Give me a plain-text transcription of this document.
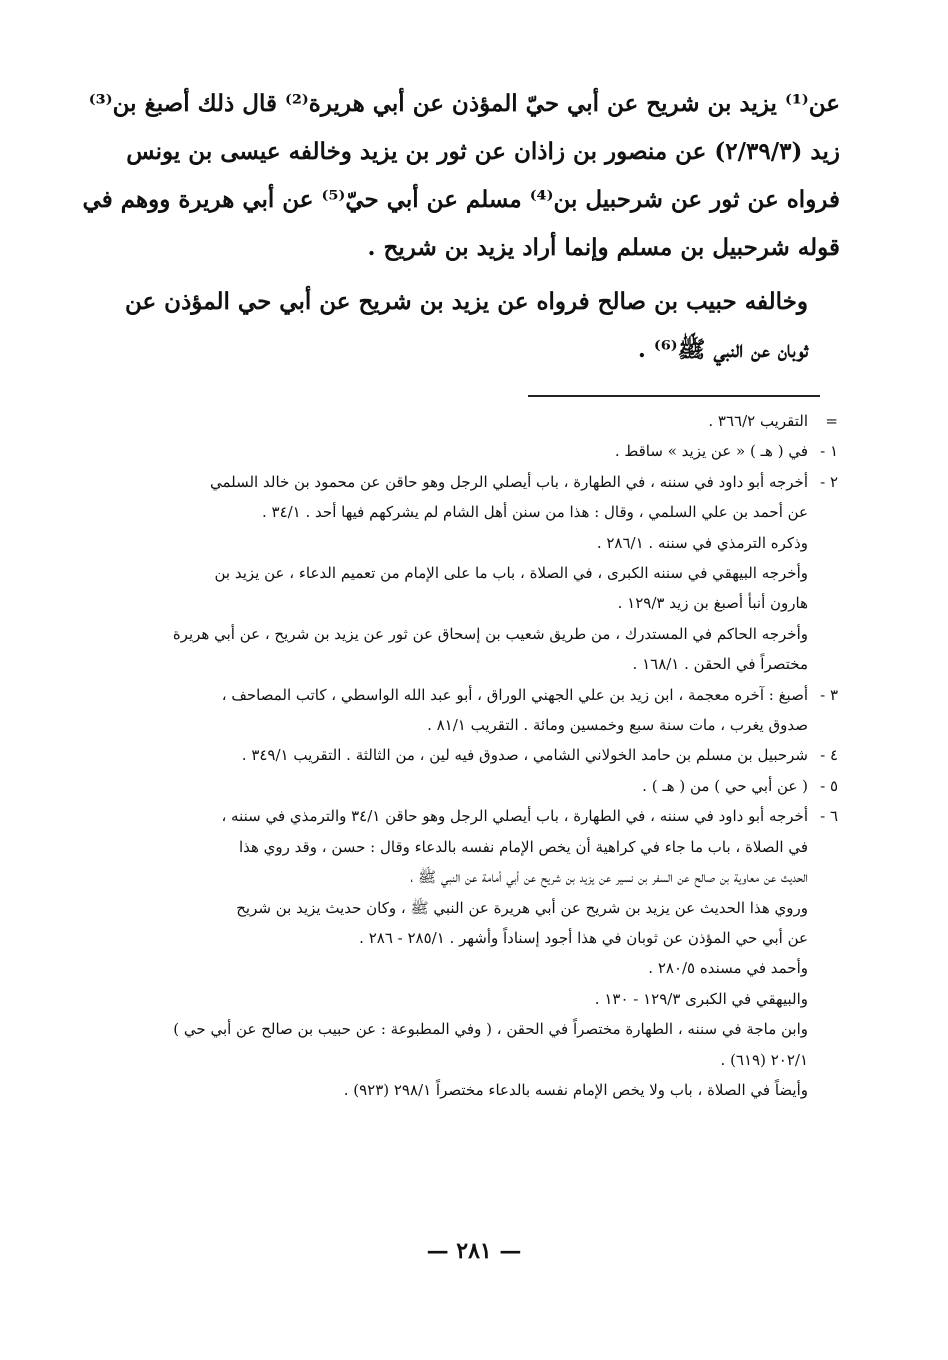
عن⁽¹⁾ يزيد بن شريح عن أبي حيّ المؤذن عن أبي هريرة⁽²⁾ قال ذلك أصبغ بن⁽³⁾
زيد (٢/٣٩/٣) عن منصور بن زاذان عن ثور بن يزيد وخالفه عيسى بن يونس
فرواه عن ثور عن شرحبيل بن⁽⁴⁾ مسلم عن أبي حيّ⁽⁵⁾ عن أبي هريرة ووهم في
قوله شرحبيل بن مسلم وإنما أراد يزيد بن شريح .

وخالفه حبيب بن صالح فرواه عن يزيد بن شريح عن أبي حي المؤذن عن
ثوبان عن النبي ﷺ⁽⁶⁾ .

=
التقريب ٣٦٦/٢ .
١ -
في ( هـ ) « عن يزيد » ساقط .
٢ -
أخرجه أبو داود في سننه ، في الطهارة ، باب أيصلي الرجل وهو حاقن عن محمود بن خالد السلمي
عن أحمد بن علي السلمي ، وقال : هذا من سنن أهل الشام لم يشركهم فيها أحد . ٣٤/١ .
وذكره الترمذي في سننه . ٢٨٦/١ .
وأخرجه البيهقي في سننه الكبرى ، في الصلاة ، باب ما على الإمام من تعميم الدعاء ، عن يزيد بن
هارون أنبأ أصبغ بن زيد ١٢٩/٣ .
وأخرجه الحاكم في المستدرك ، من طريق شعيب بن إسحاق عن ثور عن يزيد بن شريح ، عن أبي هريرة
مختصراً في الحقن . ١٦٨/١ .
٣ -
أصبغ : آخره معجمة ، ابن زيد بن علي الجهني الوراق ، أبو عبد الله الواسطي ، كاتب المصاحف ،
صدوق يغرب ، مات سنة سبع وخمسين ومائة . التقريب ٨١/١ .
٤ -
شرحبيل بن مسلم بن حامد الخولاني الشامي ، صدوق فيه لين ، من الثالثة . التقريب ٣٤٩/١ .
٥ -
( عن أبي حي ) من ( هـ ) .
٦ -
أخرجه أبو داود في سننه ، في الطهارة ، باب أيصلي الرجل وهو حاقن ٣٤/١ والترمذي في سننه ،
في الصلاة ، باب ما جاء في كراهية أن يخص الإمام نفسه بالدعاء وقال : حسن ، وقد روي هذا
الحديث عن معاوية بن صالح عن السفر بن نسير عن يزيد بن شريح عن أبي أمامة عن النبي ﷺ ،
وروي هذا الحديث عن يزيد بن شريح عن أبي هريرة عن النبي ﷺ ، وكان حديث يزيد بن شريح
عن أبي حي المؤذن عن ثوبان في هذا أجود إسناداً وأشهر . ٢٨٥/١ - ٢٨٦ .
وأحمد في مسنده ٢٨٠/٥ .
والبيهقي في الكبرى ١٢٩/٣ - ١٣٠ .
وابن ماجة في سننه ، الطهارة مختصراً في الحقن ، ( وفي المطبوعة : عن حبيب بن صالح عن أبي حي )
٢٠٢/١ (٦١٩) .
وأيضاً في الصلاة ، باب ولا يخص الإمام نفسه بالدعاء مختصراً ٢٩٨/١ (٩٢٣) .
— ٢٨١ —
